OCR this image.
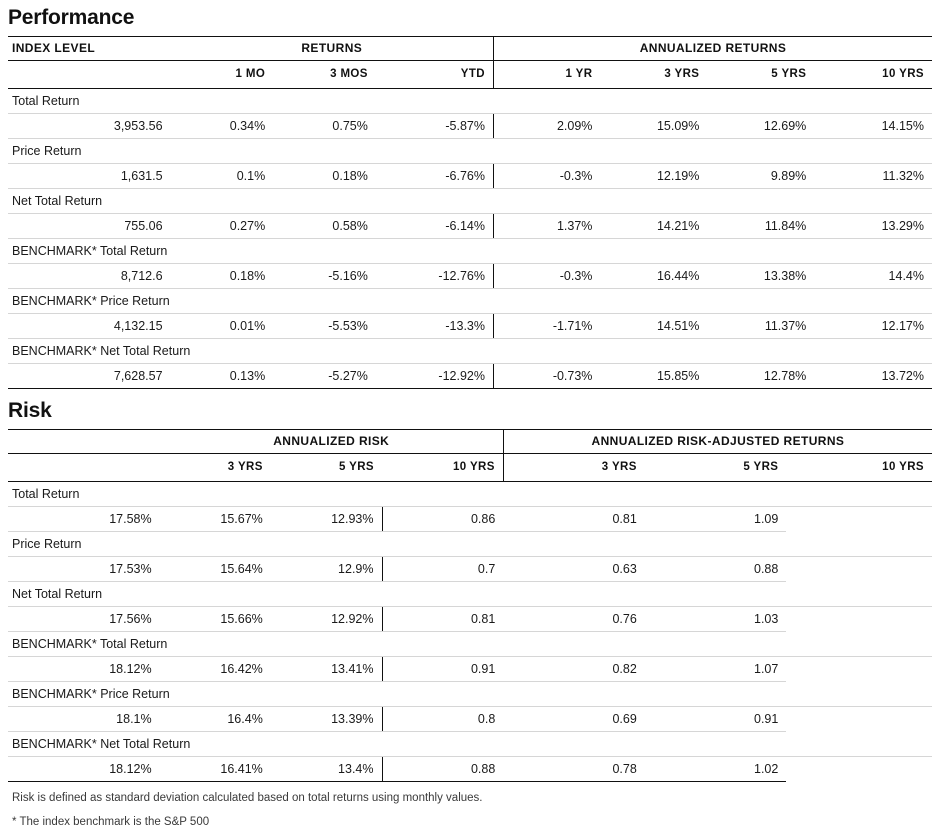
Performance
INDEX LEVEL	RETURNS			ANNUALIZED RETURNS			
	1 MO	3 MOS	YTD	1 YR	3 YRS	5 YRS	10 YRS
Total Return							
3,953.56	0.34%	0.75%	-5.87%	2.09%	15.09%	12.69%	14.15%
Price Return							
1,631.5	0.1%	0.18%	-6.76%	-0.3%	12.19%	9.89%	11.32%
Net Total Return							
755.06	0.27%	0.58%	-6.14%	1.37%	14.21%	11.84%	13.29%
BENCHMARK* Total Return							
8,712.6	0.18%	-5.16%	-12.76%	-0.3%	16.44%	13.38%	14.4%
BENCHMARK* Price Return							
4,132.15	0.01%	-5.53%	-13.3%	-1.71%	14.51%	11.37%	12.17%
BENCHMARK* Net Total Return							
7,628.57	0.13%	-5.27%	-12.92%	-0.73%	15.85%	12.78%	13.72%
Risk
	ANNUALIZED RISK			ANNUALIZED RISK-ADJUSTED RETURNS		
	3 YRS	5 YRS	10 YRS	3 YRS	5 YRS	10 YRS
Total Return						
17.58%	15.67%	12.93%	0.86	0.81	1.09	
Price Return						
17.53%	15.64%	12.9%	0.7	0.63	0.88	
Net Total Return						
17.56%	15.66%	12.92%	0.81	0.76	1.03	
BENCHMARK* Total Return						
18.12%	16.42%	13.41%	0.91	0.82	1.07	
BENCHMARK* Price Return						
18.1%	16.4%	13.39%	0.8	0.69	0.91	
BENCHMARK* Net Total Return						
18.12%	16.41%	13.4%	0.88	0.78	1.02	
Risk is defined as standard deviation calculated based on total returns using monthly values.
* The index benchmark is the S&P 500
